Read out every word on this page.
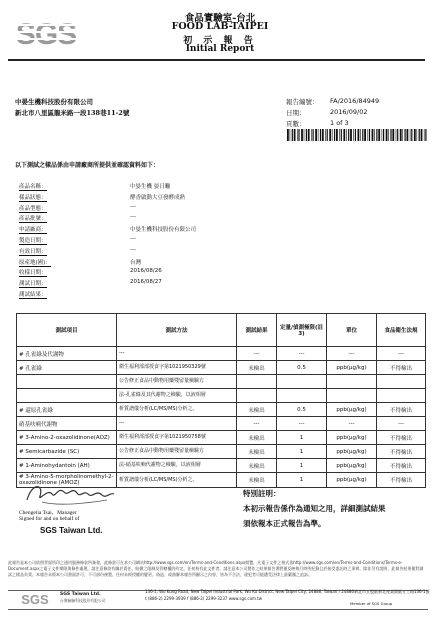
SGS	食品實驗室-台北
FOOD LAB-TAIPEI
初 示 報 告
Initial Report
中晏生機科技股份有限公司
新北市八里區龍米路一段138巷11-2號
報告編號： FA/2016/84949
日期：	2016/09/02
頁數：	1 of 3
以下測試之樣品係由申請廠商所提供並確認資料如下：
產品名稱：	中晏生機 晏日曬
樣品狀態：	酵香啟動大豆發酵成熟
產品型態：	---
產品批號：	---
申請廠商：	中晏生機科技股份有限公司
製造日期：	---
有效日期：	---
原產地(國)：	台灣
收樣日期：	2016/08/26
測試日期：	2016/08/27
測試結果：
測試項目	測試方法	測試結果	定量/偵測極限(註3)	單位	食品衛生法規
# 孔雀綠及代謝物	---	---	---	---	---
# 孔雀綠	衛生福利部部授食字第1021950329號	未檢出	0.5	ppb(μg/kg)	不得檢出
	公告修正食品中動物用藥殘留量檢驗方				
	法-孔雀綠及其代謝物之檢驗，以液相層				
# 還原孔雀綠	析質譜儀分析(LC/MS/MS)分析之。	未檢出	0.5	ppb(μg/kg)	不得檢出
硝基呋喃代謝物	---	---	---	---	---
# 3-Amino-2-oxazolidinone(AOZ)	衛生福利部部授食字第1021950758號	未檢出	1	ppb(μg/kg)	不得檢出
# Semicarbazide (SC)	公告修正食品中動物用藥殘留量檢驗方	未檢出	1	ppb(μg/kg)	不得檢出
# 1-Aminohydantoin (AH)	法-硝基呋喃代謝物之檢驗，以液相層	未檢出	1	ppb(μg/kg)	不得檢出
# 3-Amino-5-morpholinomethyl-2-oxazolidinone (AMOZ)	析質譜儀分析(LC/MS/MS)分析之。	未檢出	1	ppb(μg/kg)	不得檢出
Chengelia Tsai，Manager
Signed for and on behalf of
SGS Taiwan Ltd.
特別註明：
本初示報告係作為通知之用，詳細測試結果
須依報本正式報告為準。
此報告是本公司依照背面所印之通用服務條款所簽發，此條款可在本公司網站http://www.sgs.com/en/Terms-and-Conditions.aspx閱覽，凡電子文件之格式依http://www.sgs.com/en/Terms-and-Conditions/Terms-e-Document.aspx之電子文件期限與條件處理。請注意條款有關於責任、賠償之限制及管轄權的約定。任何持有此文件者，請注意本公司製作之結果報告書將僅反映執行時所紀錄且於接受委託時之事實。除非另有說明，此報告結果僅對測試之樣品負責。本報告未經本公司書面許可，不可部份複製。任何未經授權的變更、偽造、或曲解本報告所顯示之內容，皆為不合法，違犯者可能遭受法律上最嚴厲之追訴。
SGS	SGS Taiwan Ltd.
台灣檢驗科技股份有限公司
136-1, Wu Kung Road, New Taipei Industrial Park, Wu Ku District, New Taipei City, 24886, Taiwan / 24886新北市五股區新北產業園區五工路136-1號
t (886-2) 2299-3939 f (886-2) 2299-3237 www.sgs.com.tw
Member of SGS Group
